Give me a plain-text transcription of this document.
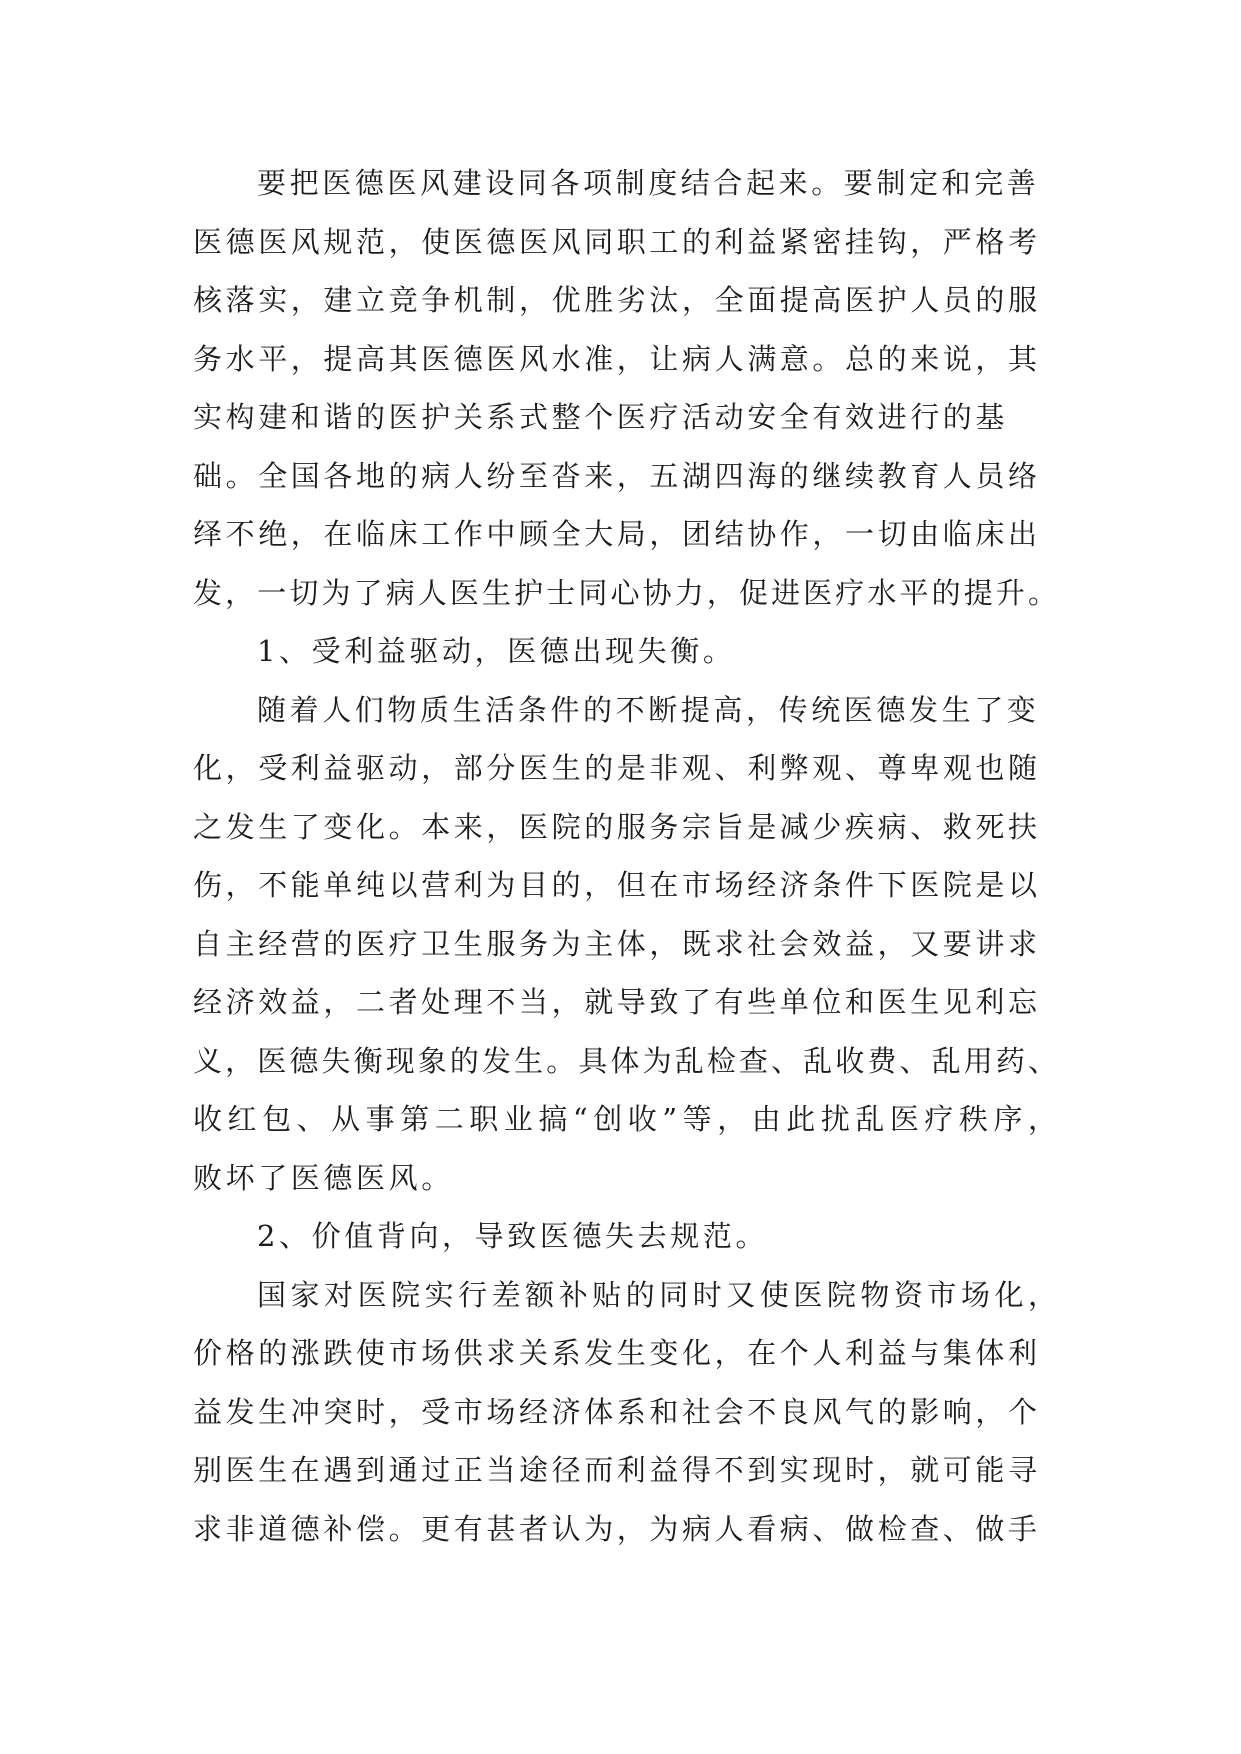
要把医德医风建设同各项制度结合起来。要制定和完善
医德医风规范，使医德医风同职工的利益紧密挂钩，严格考
核落实，建立竞争机制，优胜劣汰，全面提高医护人员的服
务水平，提高其医德医风水准，让病人满意。总的来说，其
实构建和谐的医护关系式整个医疗活动安全有效进行的基
础。全国各地的病人纷至沓来，五湖四海的继续教育人员络
绎不绝，在临床工作中顾全大局，团结协作，一切由临床出
发，一切为了病人医生护士同心协力，促进医疗水平的提升。
1、受利益驱动，医德出现失衡。
随着人们物质生活条件的不断提高，传统医德发生了变
化，受利益驱动，部分医生的是非观、利弊观、尊卑观也随
之发生了变化。本来，医院的服务宗旨是减少疾病、救死扶
伤，不能单纯以营利为目的，但在市场经济条件下医院是以
自主经营的医疗卫生服务为主体，既求社会效益，又要讲求
经济效益，二者处理不当，就导致了有些单位和医生见利忘
义，医德失衡现象的发生。具体为乱检查、乱收费、乱用药、
收红包、从事第二职业搞“创收”等，由此扰乱医疗秩序，
败坏了医德医风。
2、价值背向，导致医德失去规范。
国家对医院实行差额补贴的同时又使医院物资市场化，
价格的涨跌使市场供求关系发生变化，在个人利益与集体利
益发生冲突时，受市场经济体系和社会不良风气的影响，个
别医生在遇到通过正当途径而利益得不到实现时，就可能寻
求非道德补偿。更有甚者认为，为病人看病、做检查、做手
